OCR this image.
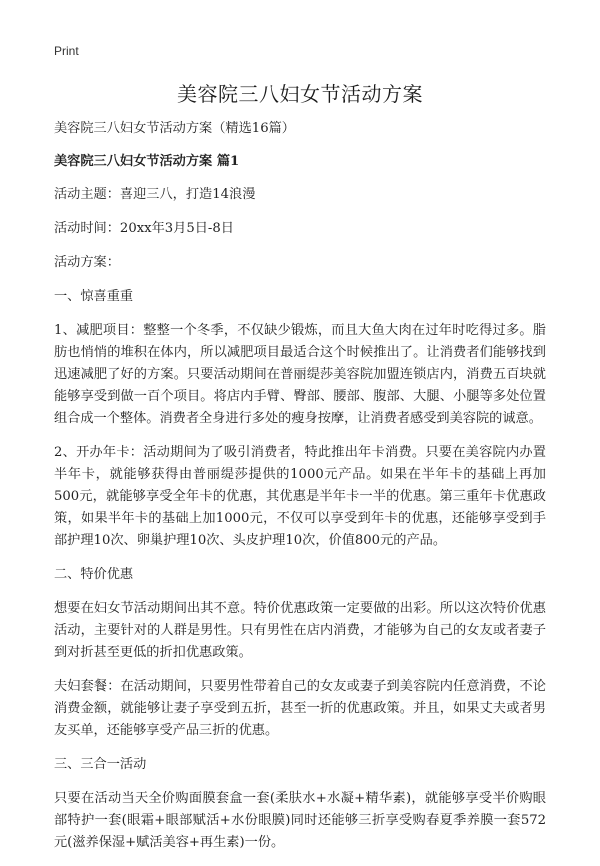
Print
美容院三八妇女节活动方案

美容院三八妇女节活动方案（精选16篇）

美容院三八妇女节活动方案 篇1

活动主题：喜迎三八，打造14浪漫

活动时间：20xx年3月5日-8日

活动方案：

一、惊喜重重

1、减肥项目：整整一个冬季，不仅缺少锻炼，而且大鱼大肉在过年时吃得过多。脂肪也悄悄的堆积在体内，所以减肥项目最适合这个时候推出了。让消费者们能够找到迅速减肥了好的方案。只要活动期间在普丽缇莎美容院加盟连锁店内，消费五百块就能够享受到做一百个项目。将店内手臂、臀部、腰部、腹部、大腿、小腿等多处位置组合成一个整体。消费者全身进行多处的瘦身按摩，让消费者感受到美容院的诚意。

2、开办年卡：活动期间为了吸引消费者，特此推出年卡消费。只要在美容院内办置半年卡，就能够获得由普丽缇莎提供的1000元产品。如果在半年卡的基础上再加500元，就能够享受全年卡的优惠，其优惠是半年卡一半的优惠。第三重年卡优惠政策，如果半年卡的基础上加1000元，不仅可以享受到年卡的优惠，还能够享受到手部护理10次、卵巢护理10次、头皮护理10次，价值800元的产品。

二、特价优惠

想要在妇女节活动期间出其不意。特价优惠政策一定要做的出彩。所以这次特价优惠活动，主要针对的人群是男性。只有男性在店内消费，才能够为自己的女友或者妻子到对折甚至更低的折扣优惠政策。

夫妇套餐：在活动期间，只要男性带着自己的女友或妻子到美容院内任意消费，不论消费金额，就能够让妻子享受到五折，甚至一折的优惠政策。并且，如果丈夫或者男友买单，还能够享受产品三折的优惠。

三、三合一活动

只要在活动当天全价购面膜套盒一套(柔肤水+水凝+精华素)，就能够享受半价购眼部特护一套(眼霜+眼部赋活+水份眼膜)同时还能够三折享受购春夏季养膜一套572元(滋养保湿+赋活美容+再生素)一份。
